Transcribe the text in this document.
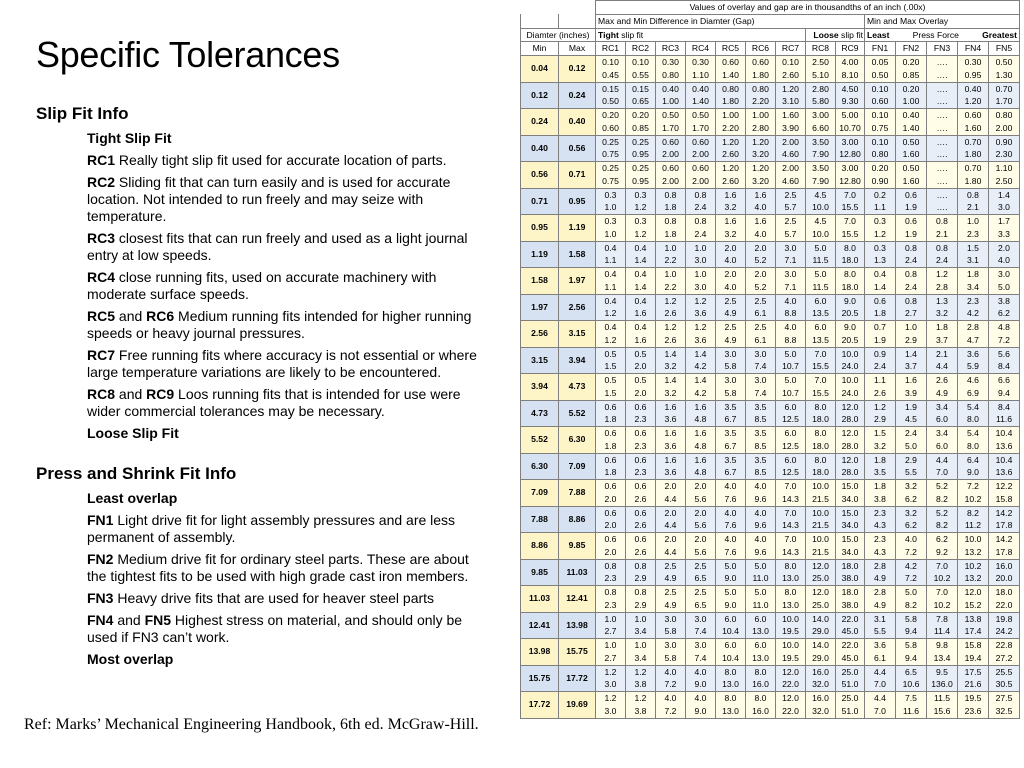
Specific Tolerances
Slip Fit Info
Tight Slip Fit
RC1 Really tight slip fit used for accurate location of parts.
RC2 Sliding fit that can turn easily and is used for accurate location. Not intended to run freely and may seize with temperature.
RC3 closest fits that can run freely and used as a light journal entry at low speeds.
RC4 close running fits, used on accurate machinery with moderate surface speeds.
RC5 and RC6 Medium running fits intended for higher running speeds or heavy journal pressures.
RC7 Free running fits where accuracy is not essential or where large temperature variations are likely to be encountered.
RC8 and RC9 Loos running fits that is intended for use were wider commercial tolerances may be necessary.
Loose Slip Fit
Press and Shrink Fit Info
Least overlap
FN1 Light drive fit for light assembly pressures and are less permanent of assembly.
FN2 Medium drive fit for ordinary steel parts. These are about the tightest fits to be used with high grade cast iron members.
FN3 Heavy drive fits that are used for heaver steel parts
FN4 and FN5 Highest stress on material, and should only be used if FN3 can’t work.
Most overlap
Ref: Marks’ Mechanical Engineering Handbook, 6th ed. McGraw-Hill.
		Values of overlay and gap are in thousandths of an inch (.00x)													
		Max and Min Difference in Diamter (Gap)									Min and Max Overlay				
Diamter (inches)		Tight slip fit							Loose slip fit		Least Press Force Greatest				

Min	Max	RC1	RC2	RC3	RC4	RC5	RC6	RC7	RC8	RC9	FN1	FN2	FN3	FN4	FN5
0.04	0.12	0.10	0.10	0.30	0.30	0.60	0.60	0.10	2.50	4.00	0.05	0.20	….	0.30	0.50
		0.45	0.55	0.80	1.10	1.40	1.80	2.60	5.10	8.10	0.50	0.85	….	0.95	1.30
0.12	0.24	0.15	0.15	0.40	0.40	0.80	0.80	1.20	2.80	4.50	0.10	0.20	….	0.40	0.70
		0.50	0.65	1.00	1.40	1.80	2.20	3.10	5.80	9.30	0.60	1.00	….	1.20	1.70
0.24	0.40	0.20	0.20	0.50	0.50	1.00	1.00	1.60	3.00	5.00	0.10	0.40	….	0.60	0.80
		0.60	0.85	1.70	1.70	2.20	2.80	3.90	6.60	10.70	0.75	1.40	….	1.60	2.00
0.40	0.56	0.25	0.25	0.60	0.60	1.20	1.20	2.00	3.50	3.00	0.10	0.50	….	0.70	0.90
		0.75	0.95	2.00	2.00	2.60	3.20	4.60	7.90	12.80	0.80	1.60	….	1.80	2.30
0.56	0.71	0.25	0.25	0.60	0.60	1.20	1.20	2.00	3.50	3.00	0.20	0.50	….	0.70	1.10
		0.75	0.95	2.00	2.00	2.60	3.20	4.60	7.90	12.80	0.90	1.60	….	1.80	2.50
0.71	0.95	0.3	0.3	0.8	0.8	1.6	1.6	2.5	4.5	7.0	0.2	0.6	….	0.8	1.4
		1.0	1.2	1.8	2.4	3.2	4.0	5.7	10.0	15.5	1.1	1.9	….	2.1	3.0
0.95	1.19	0.3	0.3	0.8	0.8	1.6	1.6	2.5	4.5	7.0	0.3	0.6	0.8	1.0	1.7
		1.0	1.2	1.8	2.4	3.2	4.0	5.7	10.0	15.5	1.2	1.9	2.1	2.3	3.3
1.19	1.58	0.4	0.4	1.0	1.0	2.0	2.0	3.0	5.0	8.0	0.3	0.8	0.8	1.5	2.0
		1.1	1.4	2.2	3.0	4.0	5.2	7.1	11.5	18.0	1.3	2.4	2.4	3.1	4.0
1.58	1.97	0.4	0.4	1.0	1.0	2.0	2.0	3.0	5.0	8.0	0.4	0.8	1.2	1.8	3.0
		1.1	1.4	2.2	3.0	4.0	5.2	7.1	11.5	18.0	1.4	2.4	2.8	3.4	5.0
1.97	2.56	0.4	0.4	1.2	1.2	2.5	2.5	4.0	6.0	9.0	0.6	0.8	1.3	2.3	3.8
		1.2	1.6	2.6	3.6	4.9	6.1	8.8	13.5	20.5	1.8	2.7	3.2	4.2	6.2
2.56	3.15	0.4	0.4	1.2	1.2	2.5	2.5	4.0	6.0	9.0	0.7	1.0	1.8	2.8	4.8
		1.2	1.6	2.6	3.6	4.9	6.1	8.8	13.5	20.5	1.9	2.9	3.7	4.7	7.2
3.15	3.94	0.5	0.5	1.4	1.4	3.0	3.0	5.0	7.0	10.0	0.9	1.4	2.1	3.6	5.6
		1.5	2.0	3.2	4.2	5.8	7.4	10.7	15.5	24.0	2.4	3.7	4.4	5.9	8.4
3.94	4.73	0.5	0.5	1.4	1.4	3.0	3.0	5.0	7.0	10.0	1.1	1.6	2.6	4.6	6.6
		1.5	2.0	3.2	4.2	5.8	7.4	10.7	15.5	24.0	2.6	3.9	4.9	6.9	9.4
4.73	5.52	0.6	0.6	1.6	1.6	3.5	3.5	6.0	8.0	12.0	1.2	1.9	3.4	5.4	8.4
		1.8	2.3	3.6	4.8	6.7	8.5	12.5	18.0	28.0	2.9	4.5	6.0	8.0	11.6
5.52	6.30	0.6	0.6	1.6	1.6	3.5	3.5	6.0	8.0	12.0	1.5	2.4	3.4	5.4	10.4
		1.8	2.3	3.6	4.8	6.7	8.5	12.5	18.0	28.0	3.2	5.0	6.0	8.0	13.6
6.30	7.09	0.6	0.6	1.6	1.6	3.5	3.5	6.0	8.0	12.0	1.8	2.9	4.4	6.4	10.4
		1.8	2.3	3.6	4.8	6.7	8.5	12.5	18.0	28.0	3.5	5.5	7.0	9.0	13.6
7.09	7.88	0.6	0.6	2.0	2.0	4.0	4.0	7.0	10.0	15.0	1.8	3.2	5.2	7.2	12.2
		2.0	2.6	4.4	5.6	7.6	9.6	14.3	21.5	34.0	3.8	6.2	8.2	10.2	15.8
7.88	8.86	0.6	0.6	2.0	2.0	4.0	4.0	7.0	10.0	15.0	2.3	3.2	5.2	8.2	14.2
		2.0	2.6	4.4	5.6	7.6	9.6	14.3	21.5	34.0	4.3	6.2	8.2	11.2	17.8
8.86	9.85	0.6	0.6	2.0	2.0	4.0	4.0	7.0	10.0	15.0	2.3	4.0	6.2	10.0	14.2
		2.0	2.6	4.4	5.6	7.6	9.6	14.3	21.5	34.0	4.3	7.2	9.2	13.2	17.8
9.85	11.03	0.8	0.8	2.5	2.5	5.0	5.0	8.0	12.0	18.0	2.8	4.2	7.0	10.2	16.0
		2.3	2.9	4.9	6.5	9.0	11.0	13.0	25.0	38.0	4.9	7.2	10.2	13.2	20.0
11.03	12.41	0.8	0.8	2.5	2.5	5.0	5.0	8.0	12.0	18.0	2.8	5.0	7.0	12.0	18.0
		2.3	2.9	4.9	6.5	9.0	11.0	13.0	25.0	38.0	4.9	8.2	10.2	15.2	22.0
12.41	13.98	1.0	1.0	3.0	3.0	6.0	6.0	10.0	14.0	22.0	3.1	5.8	7.8	13.8	19.8
		2.7	3.4	5.8	7.4	10.4	13.0	19.5	29.0	45.0	5.5	9.4	11.4	17.4	24.2
13.98	15.75	1.0	1.0	3.0	3.0	6.0	6.0	10.0	14.0	22.0	3.6	5.8	9.8	15.8	22.8
		2.7	3.4	5.8	7.4	10.4	13.0	19.5	29.0	45.0	6.1	9.4	13.4	19.4	27.2
15.75	17.72	1.2	1.2	4.0	4.0	8.0	8.0	12.0	16.0	25.0	4.4	6.5	9.5	17.5	25.5
		3.0	3.8	7.2	9.0	13.0	16.0	22.0	32.0	51.0	7.0	10.6	136.0	21.6	30.5
17.72	19.69	1.2	1.2	4.0	4.0	8.0	8.0	12.0	16.0	25.0	4.4	7.5	11.5	19.5	27.5
		3.0	3.8	7.2	9.0	13.0	16.0	22.0	32.0	51.0	7.0	11.6	15.6	23.6	32.5
